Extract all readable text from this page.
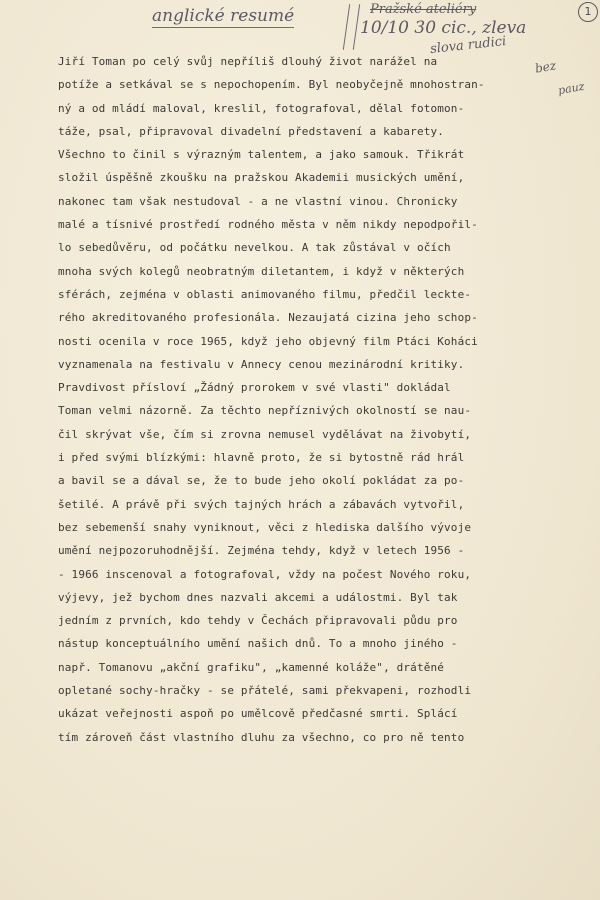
anglické resumé	Pražské ateliéry
10/10 30 cic., zleva
slova rudici
bez
pauz
1
Jiří Toman po celý svůj nepříliš dlouhý život narážel na
potíže a setkával se s nepochopením. Byl neobyčejně mnohostran-
ný a od mládí maloval, kreslil, fotografoval, dělal fotomon-
táže, psal, připravoval divadelní představení a kabarety.
Všechno to činil s výrazným talentem, a jako samouk. Třikrát
složil úspěšně zkoušku na pražskou Akademii musických umění,
nakonec tam však nestudoval - a ne vlastní vinou. Chronicky
malé a tísnivé prostředí rodného města v něm nikdy nepodpořil-
lo sebedůvěru, od počátku nevelkou. A tak zůstával v očích
mnoha svých kolegů neobratným diletantem, i když v některých
sférách, zejména v oblasti animovaného filmu, předčil leckte-
rého akreditovaného profesionála. Nezaujatá cizina jeho schop-
nosti ocenila v roce 1965, když jeho objevný film Ptáci Koháci
vyznamenala na festivalu v Annecy cenou mezinárodní kritiky.
Pravdivost přísloví „Žádný prorokem v své vlasti" dokládal
Toman velmi názorně. Za těchto nepříznivých okolností se nau-
čil skrývat vše, čím si zrovna nemusel vydělávat na živobytí,
i před svými blízkými: hlavně proto, že si bytostně rád hrál
a bavil se a dával se, že to bude jeho okolí pokládat za po-
šetilé. A právě při svých tajných hrách a zábavách vytvořil,
bez sebemenší snahy vyniknout, věci z hlediska dalšího vývoje
umění nejpozoruhodnější. Zejména tehdy, když v letech 1956 -
- 1966 inscenoval a fotografoval, vždy na počest Nového roku,
výjevy, jež bychom dnes nazvali akcemi a událostmi. Byl tak
jedním z prvních, kdo tehdy v Čechách připravovali půdu pro
nástup konceptuálního umění našich dnů. To a mnoho jiného -
např. Tomanovu „akční grafiku", „kamenné koláže", drátěné
opletané sochy-hračky - se přátelé, sami překvapeni, rozhodli
ukázat veřejnosti aspoň po umělcově předčasné smrti. Splácí
tím zároveň část vlastního dluhu za všechno, co pro ně tento
